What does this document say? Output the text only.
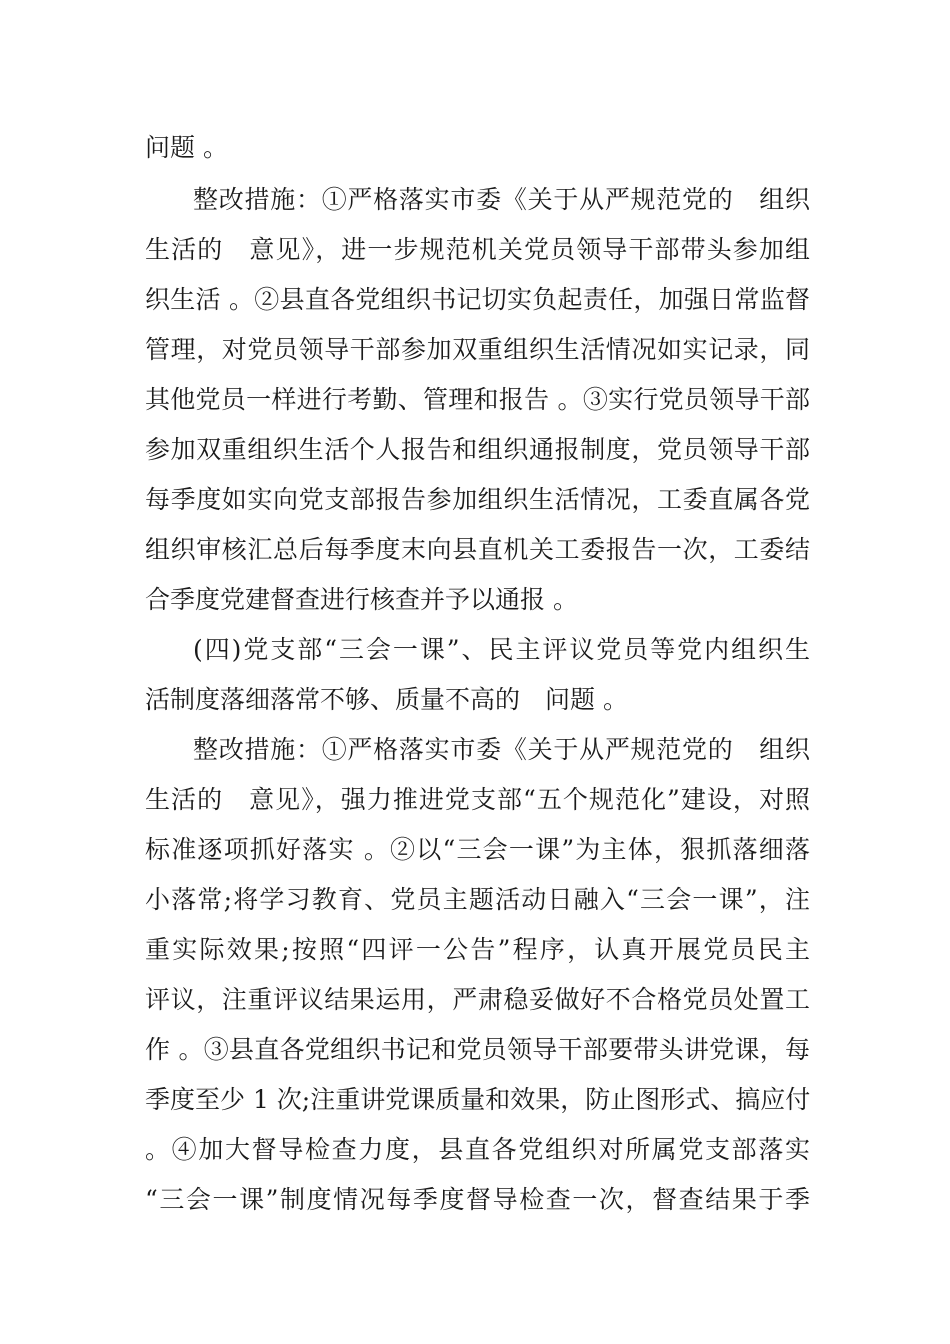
问题 。
整改措施：①严格落实市委《关于从严规范党的　组织
生活的　意见》，进一步规范机关党员领导干部带头参加组
织生活 。②县直各党组织书记切实负起责任，加强日常监督
管理，对党员领导干部参加双重组织生活情况如实记录，同
其他党员一样进行考勤、管理和报告 。③实行党员领导干部
参加双重组织生活个人报告和组织通报制度，党员领导干部
每季度如实向党支部报告参加组织生活情况，工委直属各党
组织审核汇总后每季度末向县直机关工委报告一次，工委结
合季度党建督查进行核查并予以通报 。
(四)党支部“三会一课”、民主评议党员等党内组织生
活制度落细落常不够、质量不高的　问题 。
整改措施：①严格落实市委《关于从严规范党的　组织
生活的　意见》，强力推进党支部“五个规范化”建设，对照
标准逐项抓好落实 。②以“三会一课”为主体，狠抓落细落
小落常;将学习教育、党员主题活动日融入“三会一课”，注
重实际效果;按照“四评一公告”程序，认真开展党员民主
评议，注重评议结果运用，严肃稳妥做好不合格党员处置工
作 。③县直各党组织书记和党员领导干部要带头讲党课，每
季度至少 1 次;注重讲党课质量和效果，防止图形式、搞应付
。④加大督导检查力度，县直各党组织对所属党支部落实
“三会一课”制度情况每季度督导检查一次，督查结果于季
